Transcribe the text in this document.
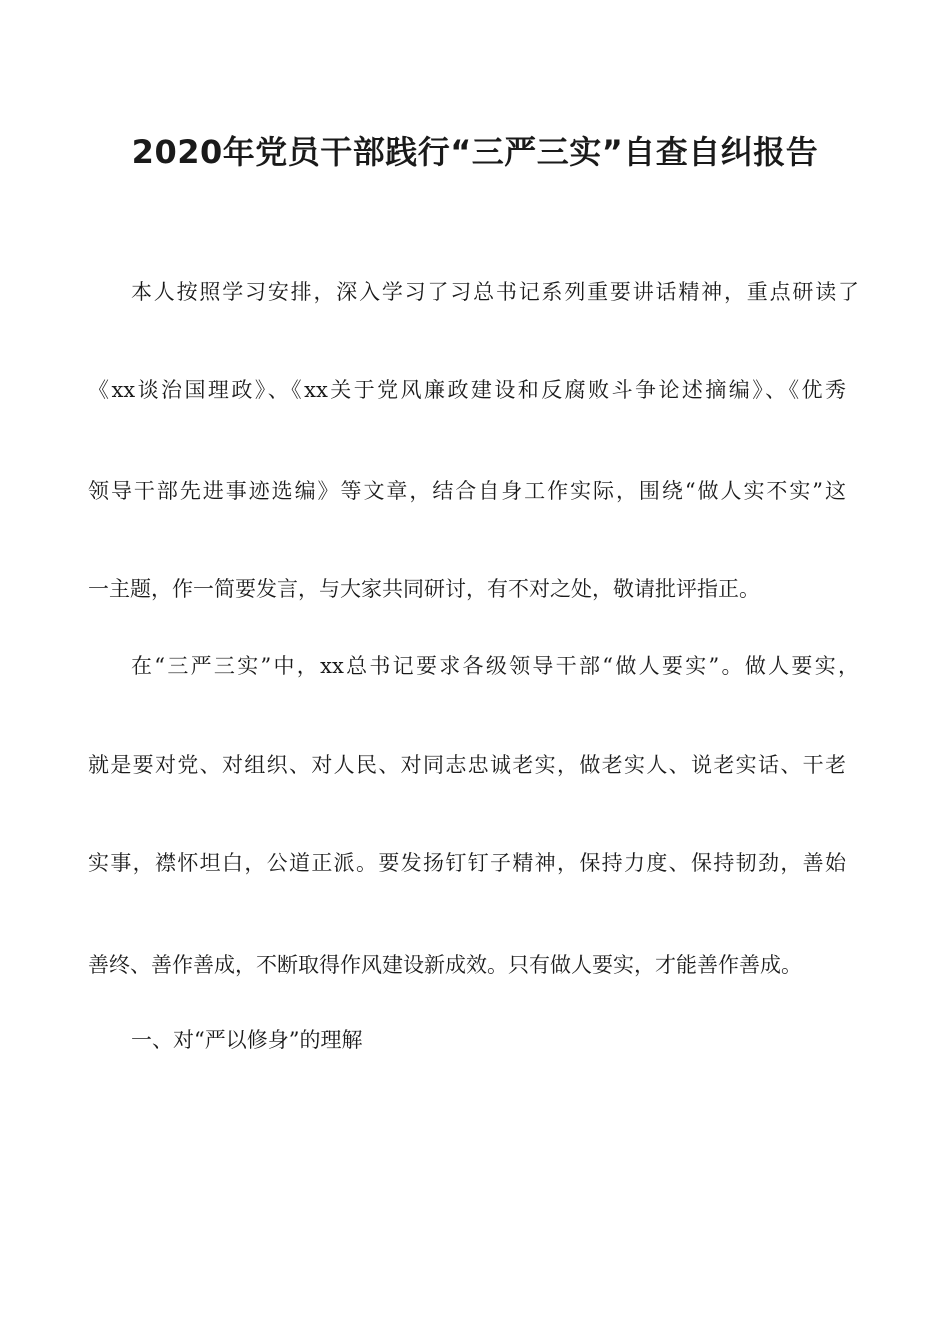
2020年党员干部践行“三严三实”自查自纠报告
本人按照学习安排，深入学习了习总书记系列重要讲话精神，重点研读了
《xx谈治国理政》、《xx关于党风廉政建设和反腐败斗争论述摘编》、《优秀
领导干部先进事迹选编》等文章，结合自身工作实际，围绕“做人实不实”这
一主题，作一简要发言，与大家共同研讨，有不对之处，敬请批评指正。
在“三严三实”中，xx总书记要求各级领导干部“做人要实”。做人要实，
就是要对党、对组织、对人民、对同志忠诚老实，做老实人、说老实话、干老
实事，襟怀坦白，公道正派。要发扬钉钉子精神，保持力度、保持韧劲，善始
善终、善作善成，不断取得作风建设新成效。只有做人要实，才能善作善成。
一、对“严以修身”的理解
